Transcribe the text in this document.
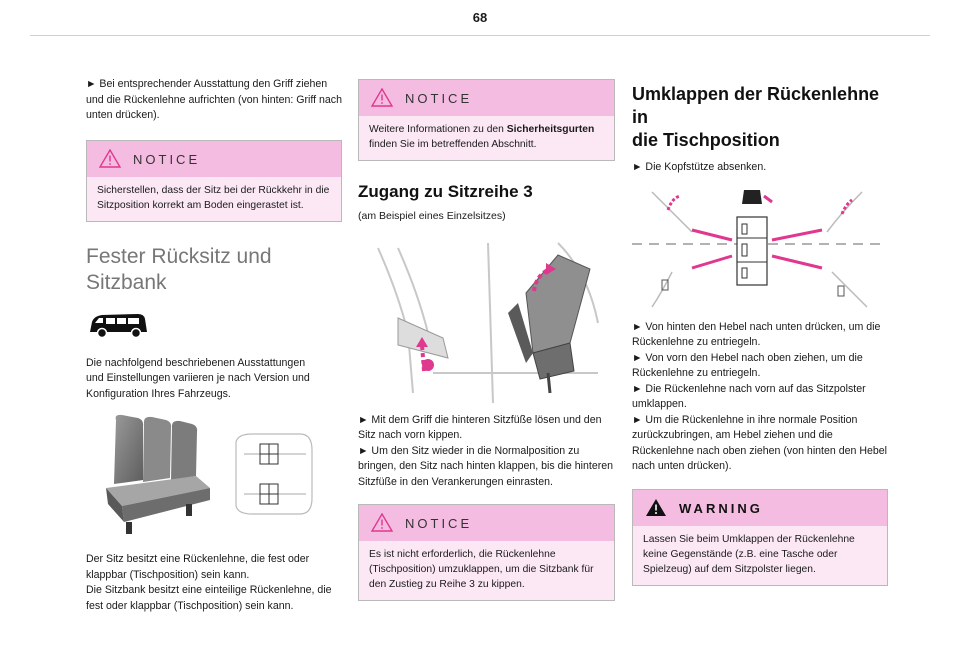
68

► Bei entsprechender Ausstattung den Griff ziehen
und die Rückenlehne aufrichten (von hinten: Griff nach
unten drücken).

NOTICE
Sicherstellen, dass der Sitz bei der Rückkehr in die
Sitzposition korrekt am Boden eingerastet ist.
Fester Rücksitz und Sitzbank

Die nachfolgend beschriebenen Ausstattungen
und Einstellungen variieren je nach Version und
Konfiguration Ihres Fahrzeugs.

Der Sitz besitzt eine Rückenlehne, die fest oder
klappbar (Tischposition) sein kann.
Die Sitzbank besitzt eine einteilige Rückenlehne, die
fest oder klappbar (Tischposition) sein kann.

NOTICE
Weitere Informationen zu den Sicherheitsgurten
finden Sie im betreffenden Abschnitt.
Zugang zu Sitzreihe 3

(am Beispiel eines Einzelsitzes)

► Mit dem Griff die hinteren Sitzfüße lösen und den
Sitz nach vorn kippen.
► Um den Sitz wieder in die Normalposition zu
bringen, den Sitz nach hinten klappen, bis die hinteren
Sitzfüße in den Verankerungen einrasten.

NOTICE
Es ist nicht erforderlich, die Rückenlehne
(Tischposition) umzuklappen, um die Sitzbank für
den Zustieg zu Reihe 3 zu kippen.
Umklappen der Rückenlehne in
die Tischposition

► Die Kopfstütze absenken.

► Von hinten den Hebel nach unten drücken, um die
Rückenlehne zu entriegeln.
► Von vorn den Hebel nach oben ziehen, um die
Rückenlehne zu entriegeln.
► Die Rückenlehne nach vorn auf das Sitzpolster
umklappen.
► Um die Rückenlehne in ihre normale Position
zurückzubringen, am Hebel ziehen und die
Rückenlehne nach oben ziehen (von hinten den Hebel
nach unten drücken).

WARNING
Lassen Sie beim Umklappen der Rückenlehne
keine Gegenstände (z.B. eine Tasche oder
Spielzeug) auf dem Sitzpolster liegen.
